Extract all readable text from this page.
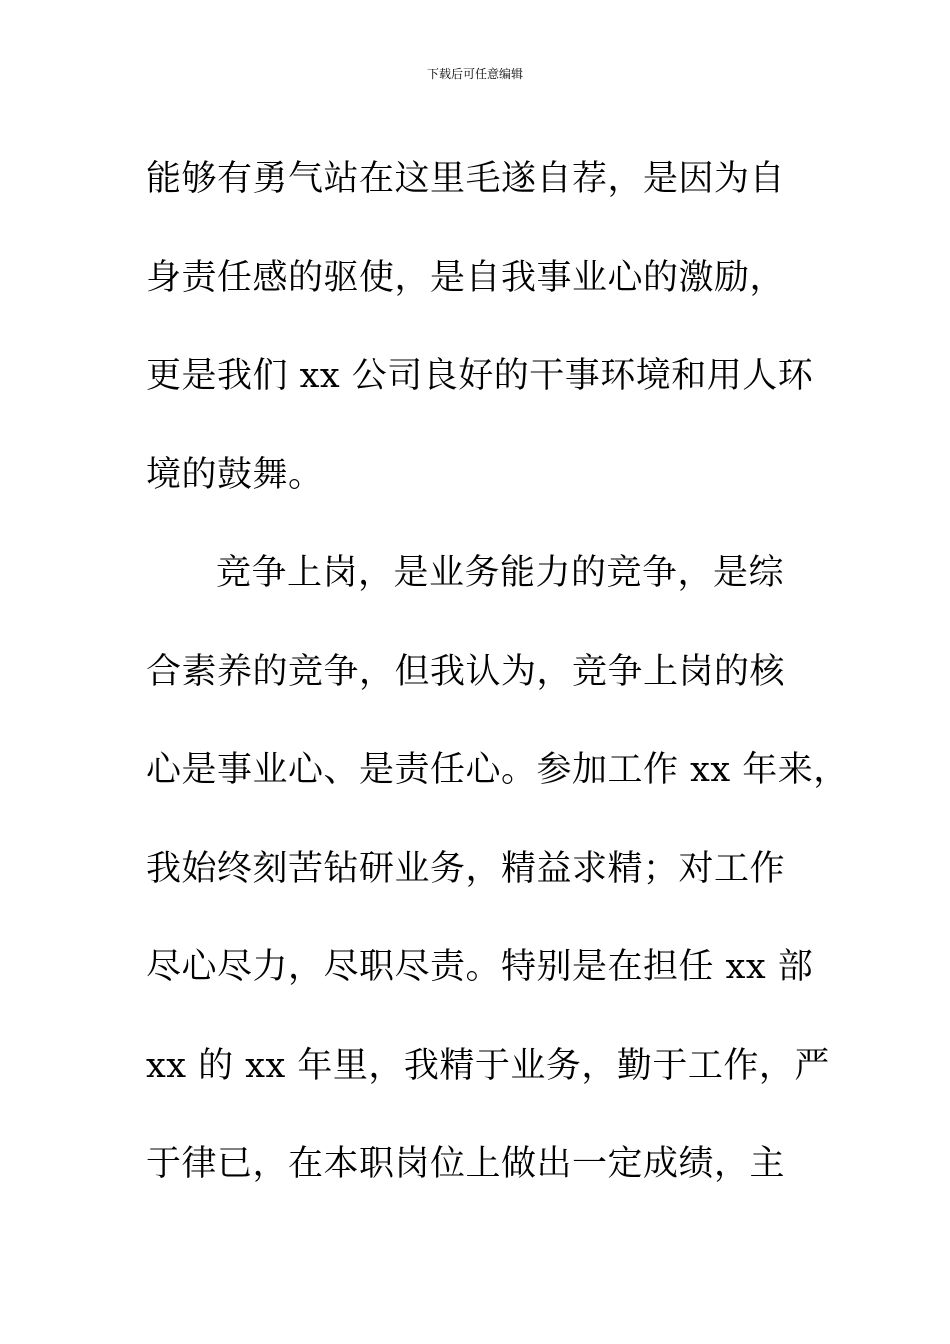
下载后可任意编辑
能够有勇气站在这里毛遂自荐，是因为自
身责任感的驱使，是自我事业心的激励，
更是我们 xx 公司良好的干事环境和用人环
境的鼓舞。
竞争上岗，是业务能力的竞争，是综
合素养的竞争，但我认为，竞争上岗的核
心是事业心、是责任心。参加工作 xx 年来，
我始终刻苦钻研业务，精益求精；对工作
尽心尽力，尽职尽责。特别是在担任 xx 部
xx 的 xx 年里，我精于业务，勤于工作，严
于律已，在本职岗位上做出一定成绩，主
